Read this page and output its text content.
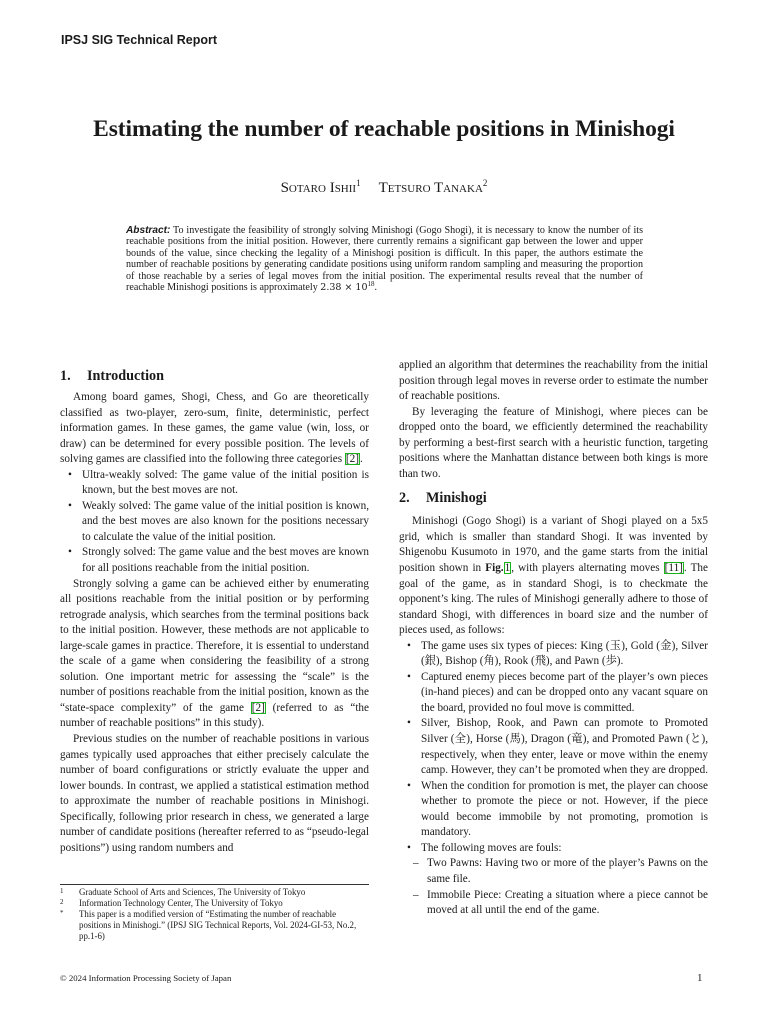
IPSJ SIG Technical Report
Estimating the number of reachable positions in Minishogi
Sotaro Ishii$^1$ Tetsuro Tanaka$^2$
Abstract: To investigate the feasibility of strongly solving Minishogi (Gogo Shogi), it is necessary to know the number of its reachable positions from the initial position. However, there currently remains a significant gap between the lower and upper bounds of the value, since checking the legality of a Minishogi position is difficult. In this paper, the authors estimate the number of reachable positions by generating candidate positions using uniform random sampling and measuring the proportion of those reachable by a series of legal moves from the initial position. The experimental results reveal that the number of reachable Minishogi positions is approximately $2.38 \times 10^{18}$.
1. Introduction

Among board games, Shogi, Chess, and Go are theoretically classified as two-player, zero-sum, finite, deterministic, perfect information games. In these games, the game value (win, loss, or draw) can be determined for every possible position. The levels of solving games are classified into the following three categories [2].

• Ultra-weakly solved: The game value of the initial position is known, but the best moves are not.
• Weakly solved: The game value of the initial position is known, and the best moves are also known for the positions necessary to calculate the value of the initial position.
• Strongly solved: The game value and the best moves are known for all positions reachable from the initial position.

Strongly solving a game can be achieved either by enumerating all positions reachable from the initial position or by performing retrograde analysis, which searches from the terminal positions back to the initial position. However, these methods are not applicable to large-scale games in practice. Therefore, it is essential to understand the scale of a game when considering the feasibility of a strong solution. One important metric for assessing the “scale” is the number of positions reachable from the initial position, known as the “state-space complexity” of the game [2] (referred to as “the number of reachable positions” in this study).

Previous studies on the number of reachable positions in various games typically used approaches that either precisely calculate the number of board configurations or strictly evaluate the upper and lower bounds. In contrast, we applied a statistical estimation method to approximate the number of reachable positions in Minishogi. Specifically, following prior research in chess, we generated a large number of candidate positions (hereafter referred to as “pseudo-legal positions”) using random numbers and

applied an algorithm that determines the reachability from the initial position through legal moves in reverse order to estimate the number of reachable positions.

By leveraging the feature of Minishogi, where pieces can be dropped onto the board, we efficiently determined the reachability by performing a best-first search with a heuristic function, targeting positions where the Manhattan distance between both kings is more than two.

2. Minishogi

Minishogi (Gogo Shogi) is a variant of Shogi played on a 5x5 grid, which is smaller than standard Shogi. It was invented by Shigenobu Kusumoto in 1970, and the game starts from the initial position shown in Fig.1, with players alternating moves [11]. The goal of the game, as in standard Shogi, is to checkmate the opponent’s king. The rules of Minishogi generally adhere to those of standard Shogi, with differences in board size and the number of pieces used, as follows:

• The game uses six types of pieces: King (玉), Gold (金), Silver (銀), Bishop (角), Rook (飛), and Pawn (歩).
• Captured enemy pieces become part of the player’s own pieces (in-hand pieces) and can be dropped onto any vacant square on the board, provided no foul move is committed.
• Silver, Bishop, Rook, and Pawn can promote to Promoted Silver (全), Horse (馬), Dragon (竜), and Promoted Pawn (と), respectively, when they enter, leave or move within the enemy camp. However, they can’t be promoted when they are dropped.
• When the condition for promotion is met, the player can choose whether to promote the piece or not. However, if the piece would become immobile by not promoting, promotion is mandatory.
• The following moves are fouls:
– Two Pawns: Having two or more of the player’s Pawns on the same file.
– Immobile Piece: Creating a situation where a piece cannot be moved at all until the end of the game.
1 Graduate School of Arts and Sciences, The University of Tokyo
2 Information Technology Center, The University of Tokyo
* This paper is a modified version of “Estimating the number of reachable positions in Minishogi.” (IPSJ SIG Technical Reports, Vol. 2024-GI-53, No.2, pp.1-6)
© 2024 Information Processing Society of Japan	1
